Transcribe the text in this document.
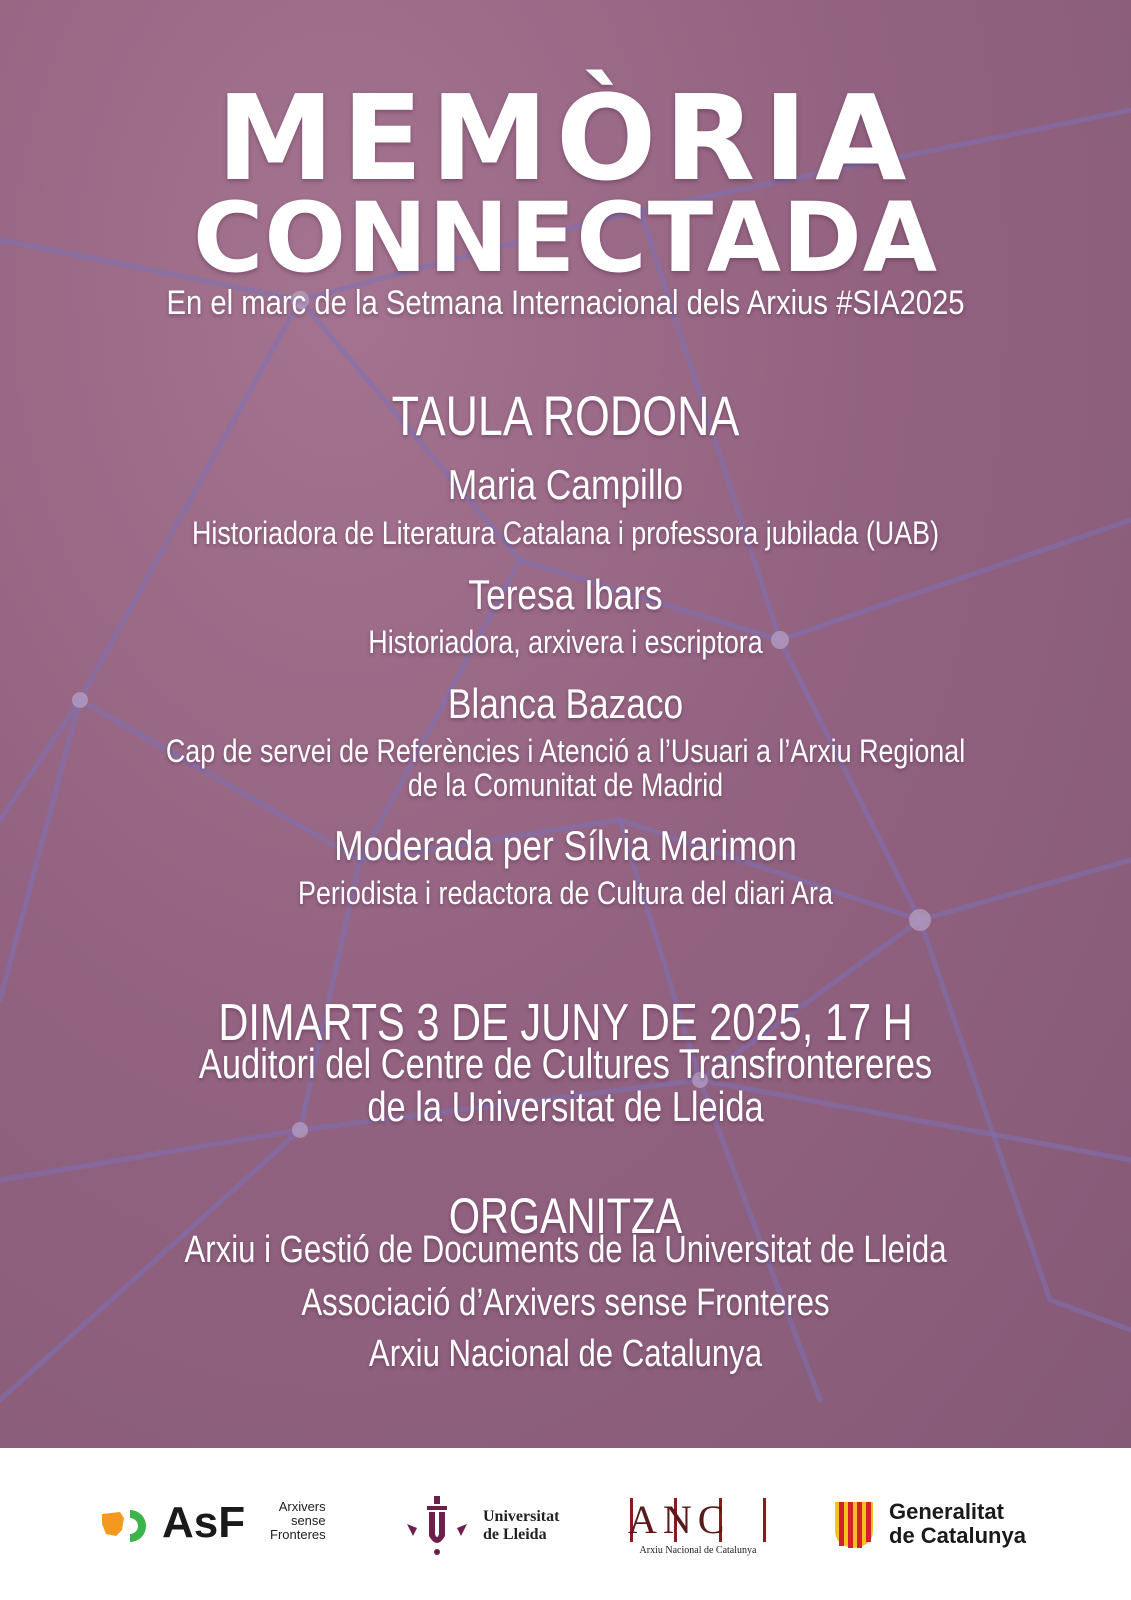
MEMÒRIA
CONNECTADA
En el marc de la Setmana Internacional dels Arxius #SIA2025
TAULA RODONA
Maria Campillo
Historiadora de Literatura Catalana i professora jubilada (UAB)
Teresa Ibars
Historiadora, arxivera i escriptora
Blanca Bazaco
Cap de servei de Referències i Atenció a l’Usuari a l’Arxiu Regional
de la Comunitat de Madrid
Moderada per Sílvia Marimon
Periodista i redactora de Cultura del diari Ara
DIMARTS 3 DE JUNY DE 2025, 17 H
Auditori del Centre de Cultures Transfrontereres
de la Universitat de Lleida
ORGANITZA
Arxiu i Gestió de Documents de la Universitat de Lleida
Associació d’Arxivers sense Fronteres
Arxiu Nacional de Catalunya
AsF	Arxivers
sense
Fronteres
Universitat
de Lleida	ANC
Arxiu Nacional de Catalunya
Generalitat
de Catalunya
